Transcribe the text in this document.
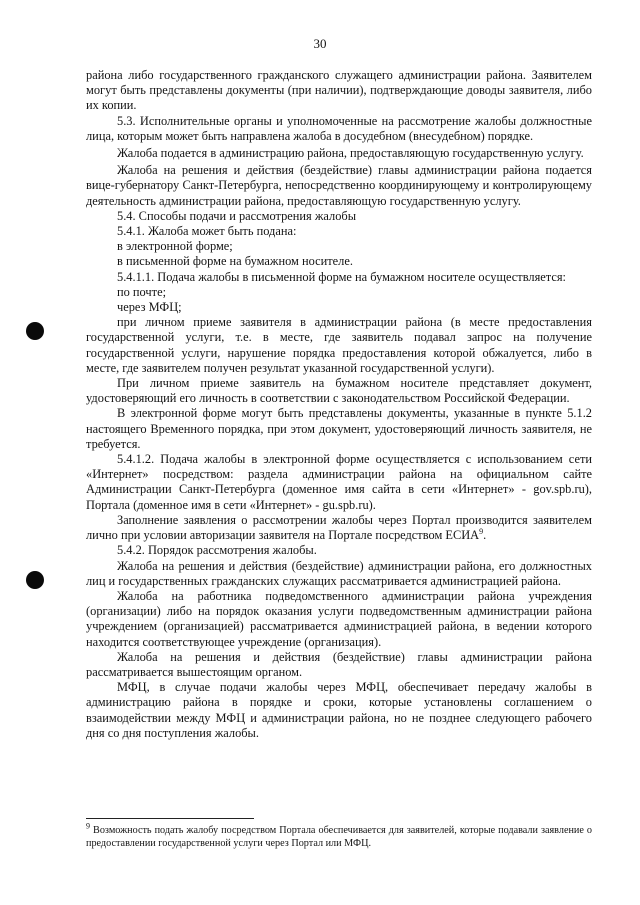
30

района либо государственного гражданского служащего администрации района. Заявителем могут быть представлены документы (при наличии), подтверждающие доводы заявителя, либо их копии.

5.3. Исполнительные органы и уполномоченные на рассмотрение жалобы должностные лица, которым может быть направлена жалоба в досудебном (внесудебном) порядке.

Жалоба подается в администрацию района, предоставляющую государственную услугу.

Жалоба на решения и действия (бездействие) главы администрации района подается вице-губернатору Санкт-Петербурга, непосредственно координирующему и контролирующему деятельность администрации района, предоставляющую государственную услугу.

5.4. Способы подачи и рассмотрения жалобы

5.4.1. Жалоба может быть подана:

в электронной форме;

в письменной форме на бумажном носителе.

5.4.1.1. Подача жалобы в письменной форме на бумажном носителе осуществляется:

по почте;

через МФЦ;

при личном приеме заявителя в администрации района (в месте предоставления государственной услуги, т.е. в месте, где заявитель подавал запрос на получение государственной услуги, нарушение порядка предоставления которой обжалуется, либо в месте, где заявителем получен результат указанной государственной услуги).

При личном приеме заявитель на бумажном носителе представляет документ, удостоверяющий его личность в соответствии с законодательством Российской Федерации.

В электронной форме могут быть представлены документы, указанные в пункте 5.1.2 настоящего Временного порядка, при этом документ, удостоверяющий личность заявителя, не требуется.

5.4.1.2. Подача жалобы в электронной форме осуществляется с использованием сети «Интернет» посредством: раздела администрации района на официальном сайте Администрации Санкт-Петербурга (доменное имя сайта в сети «Интернет» - gov.spb.ru), Портала (доменное имя в сети «Интернет» - gu.spb.ru).

Заполнение заявления о рассмотрении жалобы через Портал производится заявителем лично при условии авторизации заявителя на Портале посредством ЕСИА$^9$.

5.4.2. Порядок рассмотрения жалобы.

Жалоба на решения и действия (бездействие) администрации района, его должностных лиц и государственных гражданских служащих рассматривается администрацией района.

Жалоба на работника подведомственного администрации района учреждения (организации) либо на порядок оказания услуги подведомственным администрации района учреждением (организацией) рассматривается администрацией района, в ведении которого находится соответствующее учреждение (организация).

Жалоба на решения и действия (бездействие) главы администрации района рассматривается вышестоящим органом.

МФЦ, в случае подачи жалобы через МФЦ, обеспечивает передачу жалобы в администрацию района в порядке и сроки, которые установлены соглашением о взаимодействии между МФЦ и администрации района, но не позднее следующего рабочего дня со дня поступления жалобы.

$^9$ Возможность подать жалобу посредством Портала обеспечивается для заявителей, которые подавали заявление о предоставлении государственной услуги через Портал или МФЦ.
